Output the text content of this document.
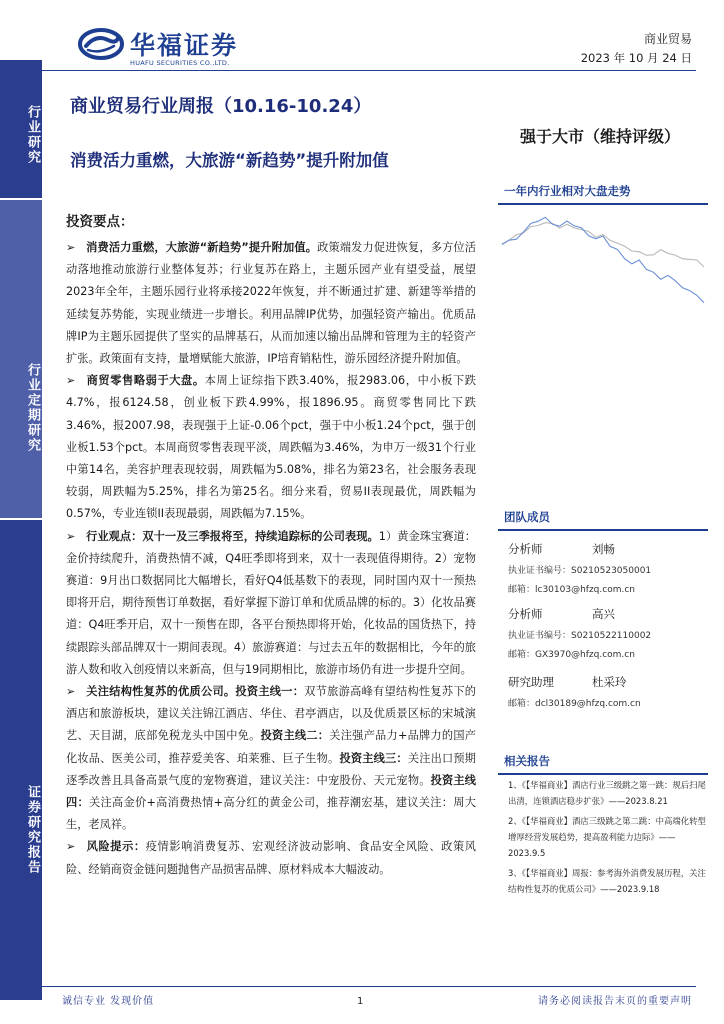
行业研究
行业定期研究
证券研究报告
华福证券
HUAFU SECURITIES CO.,LTD.
商业贸易
2023 年 10 月 24 日
商业贸易行业周报（10.16-10.24）
消费活力重燃，大旅游“新趋势”提升附加值
强于大市（维持评级）
投资要点：

➢ 消费活力重燃，大旅游“新趋势”提升附加值。政策端发力促进恢复，多方位活动落地推动旅游行业整体复苏；行业复苏在路上，主题乐园产业有望受益，展望2023年全年，主题乐园行业将承接2022年恢复，并不断通过扩建、新建等举措的延续复苏势能，实现业绩进一步增长。利用品牌IP优势，加强轻资产输出。优质品牌IP为主题乐园提供了坚实的品牌基石，从而加速以输出品牌和管理为主的轻资产扩张。政策面有支持，量增赋能大旅游，IP培育销粘性，游乐园经济提升附加值。

➢ 商贸零售略弱于大盘。本周上证综指下跌3.40%，报2983.06，中小板下跌4.7%，报6124.58，创业板下跌4.99%，报1896.95。商贸零售同比下跌3.46%，报2007.98，表现强于上证-0.06个pct，强于中小板1.24个pct，强于创业板1.53个pct。本周商贸零售表现平淡，周跌幅为3.46%，为申万一级31个行业中第14名，美容护理表现较弱，周跌幅为5.08%，排名为第23名，社会服务表现较弱，周跌幅为5.25%，排名为第25名。细分来看，贸易II表现最优，周跌幅为0.57%，专业连锁II表现最弱，周跌幅为7.15%。

➢ 行业观点：双十一及三季报将至，持续追踪标的公司表现。1）黄金珠宝赛道：金价持续爬升，消费热情不减，Q4旺季即将到来，双十一表现值得期待。2）宠物赛道：9月出口数据同比大幅增长，看好Q4低基数下的表现，同时国内双十一预热即将开启，期待预售订单数据，看好掌握下游订单和优质品牌的标的。3）化妆品赛道：Q4旺季开启，双十一预售在即，各平台预热即将开始，化妆品的国货热下，持续跟踪头部品牌双十一期间表现。4）旅游赛道：与过去五年的数据相比，今年的旅游人数和收入创疫情以来新高，但与19同期相比，旅游市场仍有进一步提升空间。

➢ 关注结构性复苏的优质公司。投资主线一：双节旅游高峰有望结构性复苏下的酒店和旅游板块，建议关注锦江酒店、华住、君亭酒店，以及优质景区标的宋城演艺、天目湖，底部免税龙头中国中免。投资主线二：关注强产品力+品牌力的国产化妆品、医美公司，推荐爱美客、珀莱雅、巨子生物。投资主线三：关注出口预期逐季改善且具备高景气度的宠物赛道，建议关注：中宠股份、天元宠物。投资主线四：关注高金价+高消费热情+高分红的黄金公司，推荐潮宏基，建议关注：周大生，老凤祥。

➢ 风险提示：疫情影响消费复苏、宏观经济波动影响、食品安全风险、政策风险、经销商资金链问题抛售产品损害品牌、原材料成本大幅波动。

一年内行业相对大盘走势
团队成员
分析师	刘畅
执业证书编号：S0210523050001
邮箱：lc30103@hfzq.com.cn
分析师	高兴
执业证书编号：S0210522110002
邮箱：GX3970@hfzq.com.cn
研究助理	杜采玲
邮箱：dcl30189@hfzq.com.cn
相关报告
1、《【华福商业】酒店行业三级跳之第一跳：规后扫尾出清，连锁酒店稳步扩张》——2023.8.21
2、《【华福商业】酒店三级跳之第二跳：中高端化转型增厚经营发展趋势，提高盈利能力边际》——2023.9.5
3、《【华福商业】周报：参考海外消费发展历程，关注结构性复苏的优质公司》——2023.9.18
诚信专业 发现价值	1	请务必阅读报告末页的重要声明
